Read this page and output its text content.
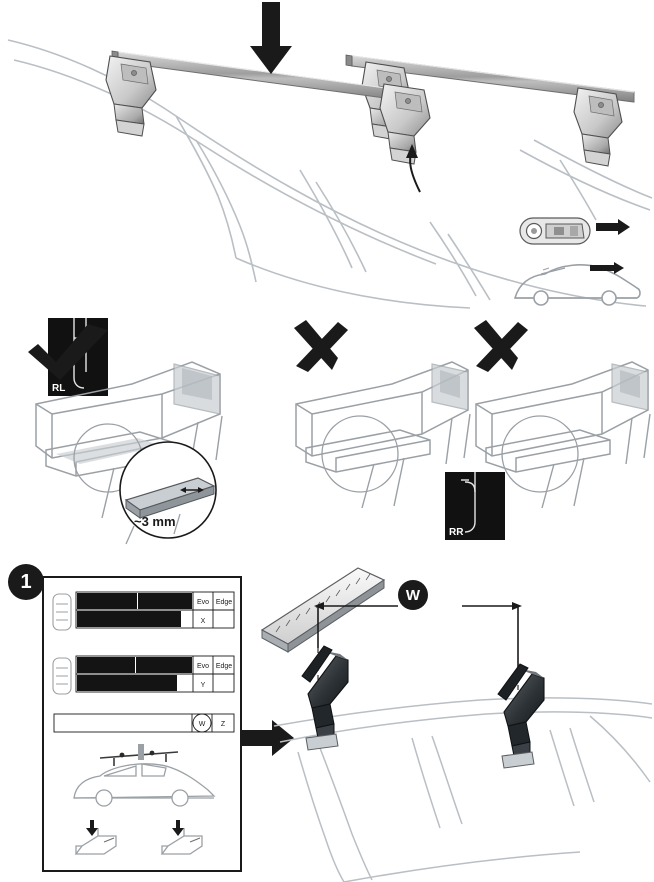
RL
RR
~3 mm
1
Evo Edge
X
Evo Edge
Y
W Z
W
